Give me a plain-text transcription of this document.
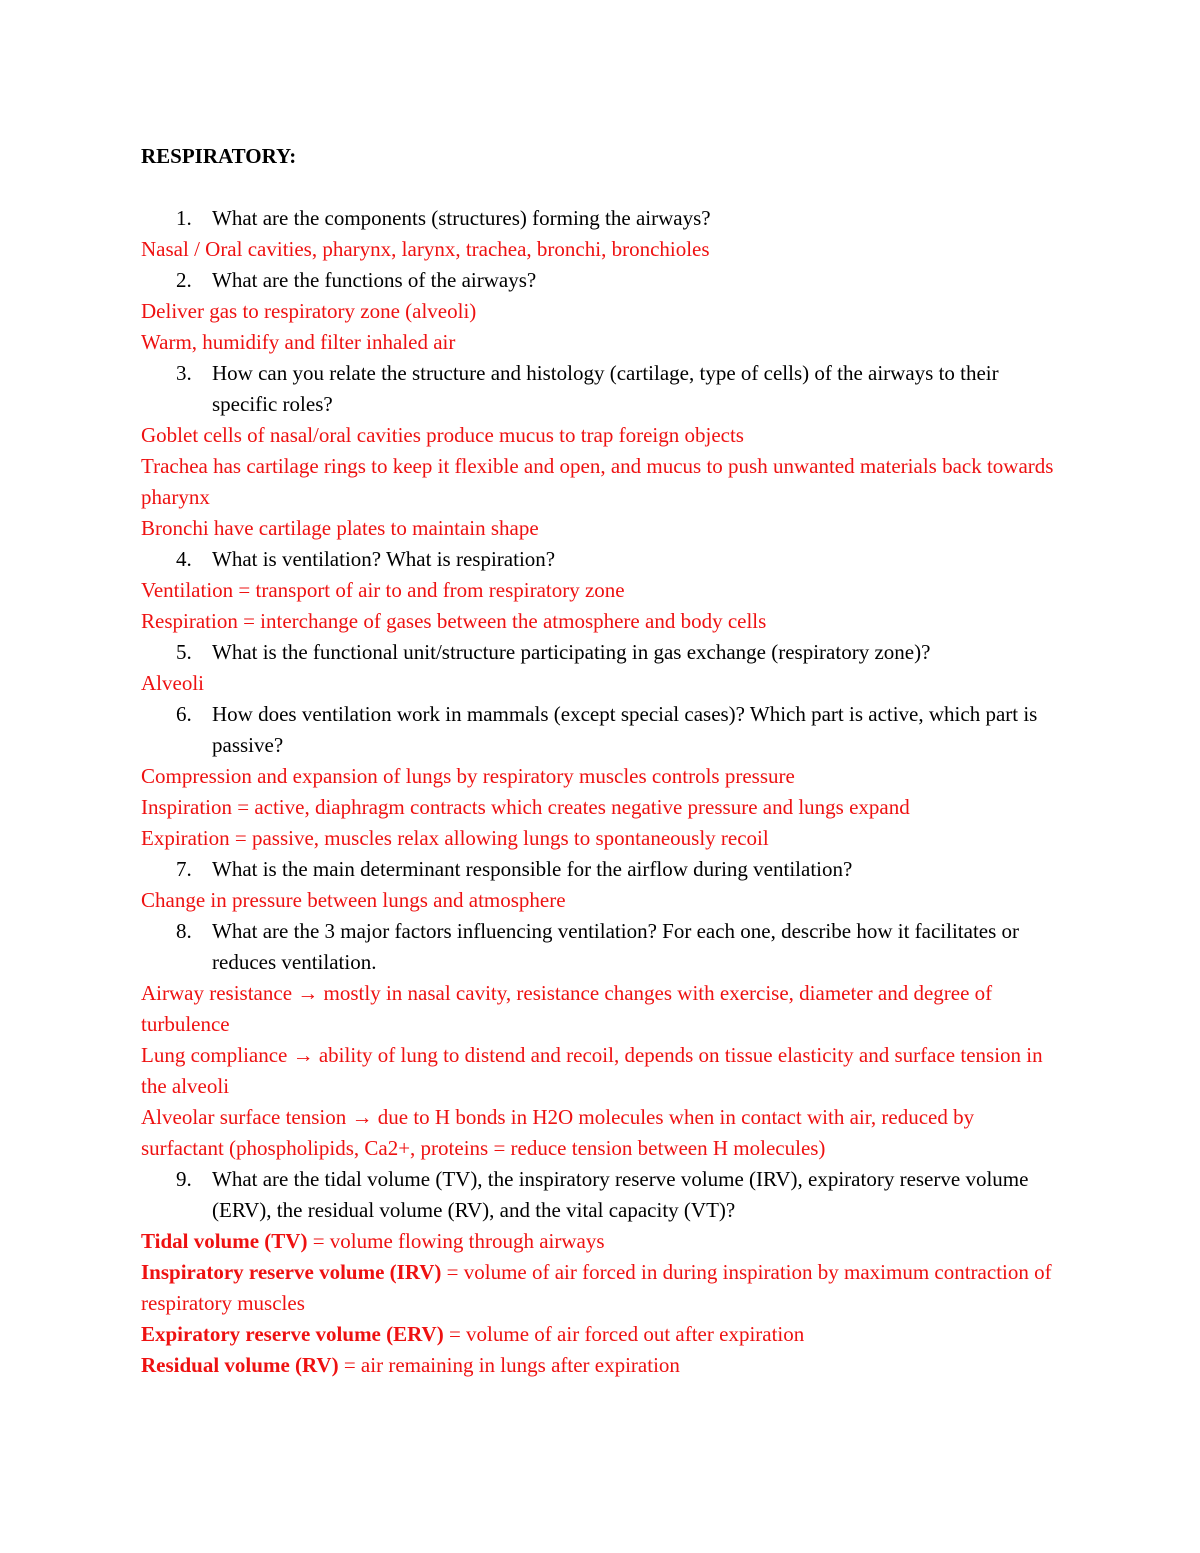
RESPIRATORY:

1. What are the components (structures) forming the airways?

Nasal / Oral cavities, pharynx, larynx, trachea, bronchi, bronchioles

2. What are the functions of the airways?

Deliver gas to respiratory zone (alveoli)

Warm, humidify and filter inhaled air

3. How can you relate the structure and histology (cartilage, type of cells) of the airways to their specific roles?

Goblet cells of nasal/oral cavities produce mucus to trap foreign objects

Trachea has cartilage rings to keep it flexible and open, and mucus to push unwanted materials back towards pharynx

Bronchi have cartilage plates to maintain shape

4. What is ventilation? What is respiration?

Ventilation = transport of air to and from respiratory zone

Respiration = interchange of gases between the atmosphere and body cells

5. What is the functional unit/structure participating in gas exchange (respiratory zone)?

Alveoli

6. How does ventilation work in mammals (except special cases)? Which part is active, which part is passive?

Compression and expansion of lungs by respiratory muscles controls pressure

Inspiration = active, diaphragm contracts which creates negative pressure and lungs expand

Expiration = passive, muscles relax allowing lungs to spontaneously recoil

7. What is the main determinant responsible for the airflow during ventilation?

Change in pressure between lungs and atmosphere

8. What are the 3 major factors influencing ventilation? For each one, describe how it facilitates or reduces ventilation.

Airway resistance → mostly in nasal cavity, resistance changes with exercise, diameter and degree of turbulence

Lung compliance → ability of lung to distend and recoil, depends on tissue elasticity and surface tension in the alveoli

Alveolar surface tension → due to H bonds in H2O molecules when in contact with air, reduced by surfactant (phospholipids, Ca2+, proteins = reduce tension between H molecules)

9. What are the tidal volume (TV), the inspiratory reserve volume (IRV), expiratory reserve volume (ERV), the residual volume (RV), and the vital capacity (VT)?

Tidal volume (TV) = volume flowing through airways

Inspiratory reserve volume (IRV) = volume of air forced in during inspiration by maximum contraction of respiratory muscles

Expiratory reserve volume (ERV) = volume of air forced out after expiration

Residual volume (RV) = air remaining in lungs after expiration
